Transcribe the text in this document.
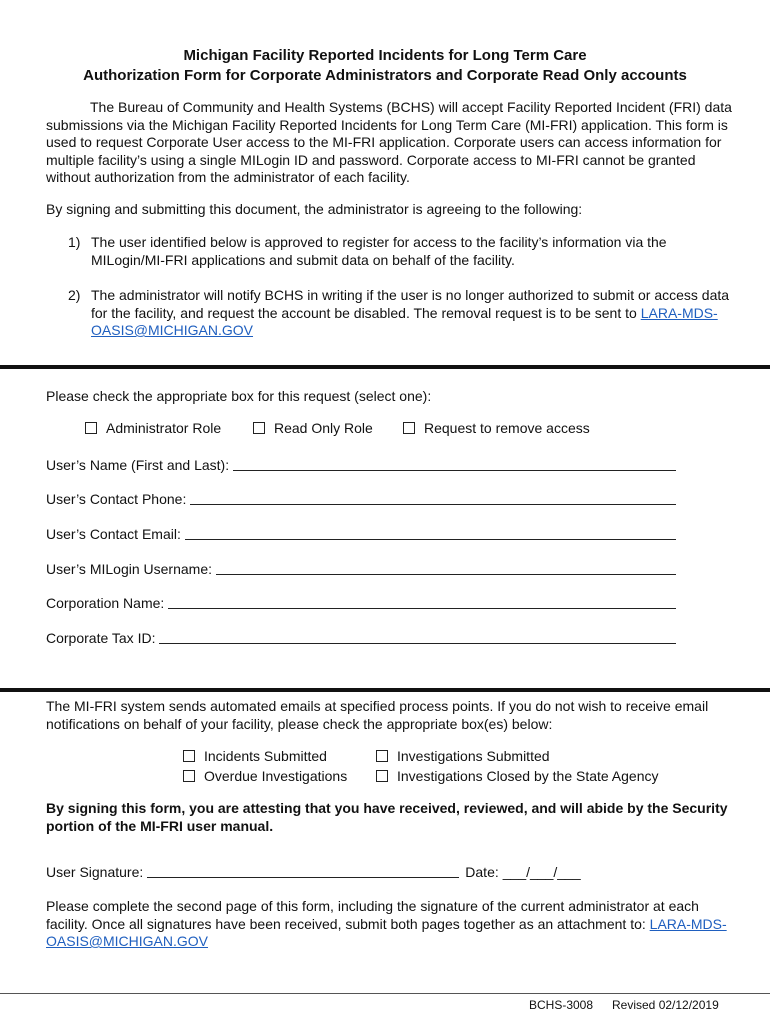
Michigan Facility Reported Incidents for Long Term Care
Authorization Form for Corporate Administrators and Corporate Read Only accounts
The Bureau of Community and Health Systems (BCHS) will accept Facility Reported Incident (FRI) data submissions via the Michigan Facility Reported Incidents for Long Term Care (MI-FRI) application. This form is used to request Corporate User access to the MI-FRI application. Corporate users can access information for multiple facility’s using a single MILogin ID and password. Corporate access to MI-FRI cannot be granted without authorization from the administrator of each facility.
By signing and submitting this document, the administrator is agreeing to the following:
1) The user identified below is approved to register for access to the facility’s information via the MILogin/MI-FRI applications and submit data on behalf of the facility.
2) The administrator will notify BCHS in writing if the user is no longer authorized to submit or access data for the facility, and request the account be disabled. The removal request is to be sent to LARA-MDS-OASIS@MICHIGAN.GOV
Please check the appropriate box for this request (select one):
Administrator Role	Read Only Role	Request to remove access
User’s Name (First and Last):
User’s Contact Phone:
User’s Contact Email:
User’s MILogin Username:
Corporation Name:
Corporate Tax ID:
The MI-FRI system sends automated emails at specified process points. If you do not wish to receive email notifications on behalf of your facility, please check the appropriate box(es) below:
Incidents Submitted	Investigations Submitted
Overdue Investigations	Investigations Closed by the State Agency
By signing this form, you are attesting that you have received, reviewed, and will abide by the Security portion of the MI-FRI user manual.
User Signature:	Date: ___/___/___
Please complete the second page of this form, including the signature of the current administrator at each facility. Once all signatures have been received, submit both pages together as an attachment to: LARA-MDS-OASIS@MICHIGAN.GOV
BCHS-3008 Revised 02/12/2019
